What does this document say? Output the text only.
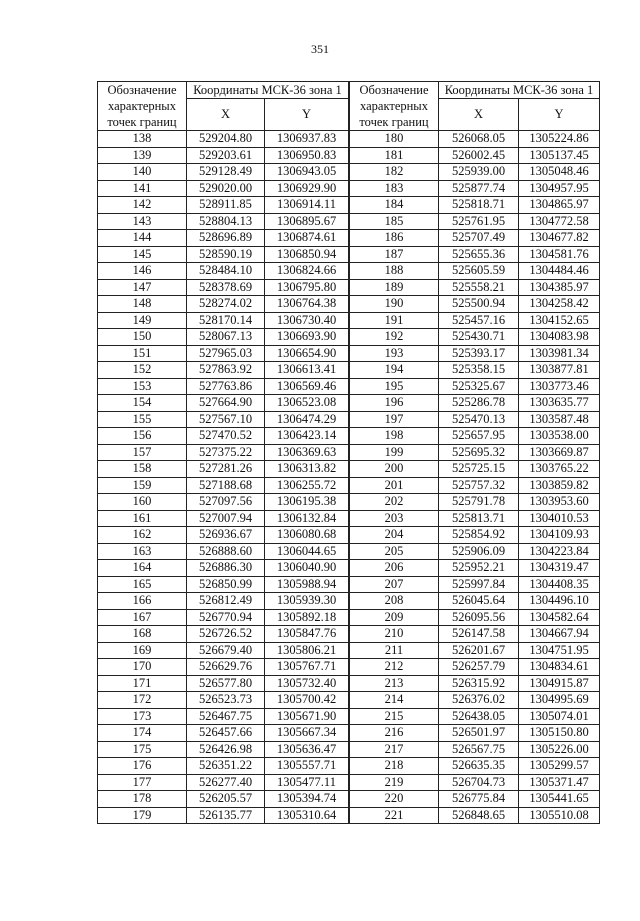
351
Обозначение характерных точек границ	Координаты МСК-36 зона 1	
	X	Y
138	529204.80	1306937.83
139	529203.61	1306950.83
140	529128.49	1306943.05
141	529020.00	1306929.90
142	528911.85	1306914.11
143	528804.13	1306895.67
144	528696.89	1306874.61
145	528590.19	1306850.94
146	528484.10	1306824.66
147	528378.69	1306795.80
148	528274.02	1306764.38
149	528170.14	1306730.40
150	528067.13	1306693.90
151	527965.03	1306654.90
152	527863.92	1306613.41
153	527763.86	1306569.46
154	527664.90	1306523.08
155	527567.10	1306474.29
156	527470.52	1306423.14
157	527375.22	1306369.63
158	527281.26	1306313.82
159	527188.68	1306255.72
160	527097.56	1306195.38
161	527007.94	1306132.84
162	526936.67	1306080.68
163	526888.60	1306044.65
164	526886.30	1306040.90
165	526850.99	1305988.94
166	526812.49	1305939.30
167	526770.94	1305892.18
168	526726.52	1305847.76
169	526679.40	1305806.21
170	526629.76	1305767.71
171	526577.80	1305732.40
172	526523.73	1305700.42
173	526467.75	1305671.90
174	526457.66	1305667.34
175	526426.98	1305636.47
176	526351.22	1305557.71
177	526277.40	1305477.11
178	526205.57	1305394.74
179	526135.77	1305310.64
Обозначение характерных точек границ	Координаты МСК-36 зона 1	
	X	Y
180	526068.05	1305224.86
181	526002.45	1305137.45
182	525939.00	1305048.46
183	525877.74	1304957.95
184	525818.71	1304865.97
185	525761.95	1304772.58
186	525707.49	1304677.82
187	525655.36	1304581.76
188	525605.59	1304484.46
189	525558.21	1304385.97
190	525500.94	1304258.42
191	525457.16	1304152.65
192	525430.71	1304083.98
193	525393.17	1303981.34
194	525358.15	1303877.81
195	525325.67	1303773.46
196	525286.78	1303635.77
197	525470.13	1303587.48
198	525657.95	1303538.00
199	525695.32	1303669.87
200	525725.15	1303765.22
201	525757.32	1303859.82
202	525791.78	1303953.60
203	525813.71	1304010.53
204	525854.92	1304109.93
205	525906.09	1304223.84
206	525952.21	1304319.47
207	525997.84	1304408.35
208	526045.64	1304496.10
209	526095.56	1304582.64
210	526147.58	1304667.94
211	526201.67	1304751.95
212	526257.79	1304834.61
213	526315.92	1304915.87
214	526376.02	1304995.69
215	526438.05	1305074.01
216	526501.97	1305150.80
217	526567.75	1305226.00
218	526635.35	1305299.57
219	526704.73	1305371.47
220	526775.84	1305441.65
221	526848.65	1305510.08
